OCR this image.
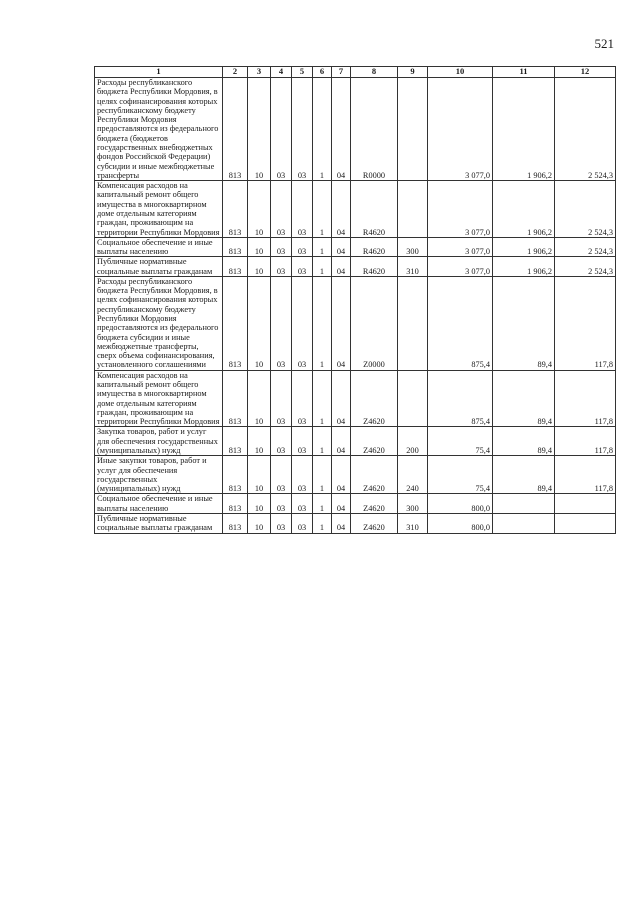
521
1	2	3	4	5	6	7	8	9	10	11	12
Расходы республиканского бюджета Республики Мордовия, в целях софинансирования которых республиканскому бюджету Республики Мордовия предоставляются из федерального бюджета (бюджетов государственных внебюджетных фондов Российской Федерации) субсидии и иные межбюджетные трансферты	813	10	03	03	1	04	R0000		3 077,0	1 906,2	2 524,3
Компенсация расходов на капитальный ремонт общего имущества в многоквартирном доме отдельным категориям граждан, проживающим на территории Республики Мордовия	813	10	03	03	1	04	R4620		3 077,0	1 906,2	2 524,3
Социальное обеспечение и иные выплаты населению	813	10	03	03	1	04	R4620	300	3 077,0	1 906,2	2 524,3
Публичные нормативные социальные выплаты гражданам	813	10	03	03	1	04	R4620	310	3 077,0	1 906,2	2 524,3
Расходы республиканского бюджета Республики Мордовия, в целях софинансирования которых республиканскому бюджету Республики Мордовия предоставляются из федерального бюджета субсидии и иные межбюджетные трансферты, сверх объема софинансирования, установленного соглашениями	813	10	03	03	1	04	Z0000		875,4	89,4	117,8
Компенсация расходов на капитальный ремонт общего имущества в многоквартирном доме отдельным категориям граждан, проживающим на территории Республики Мордовия	813	10	03	03	1	04	Z4620		875,4	89,4	117,8
Закупка товаров, работ и услуг для обеспечения государственных (муниципальных) нужд	813	10	03	03	1	04	Z4620	200	75,4	89,4	117,8
Иные закупки товаров, работ и услуг для обеспечения государственных (муниципальных) нужд	813	10	03	03	1	04	Z4620	240	75,4	89,4	117,8
Социальное обеспечение и иные выплаты населению	813	10	03	03	1	04	Z4620	300	800,0		
Публичные нормативные социальные выплаты гражданам	813	10	03	03	1	04	Z4620	310	800,0		
